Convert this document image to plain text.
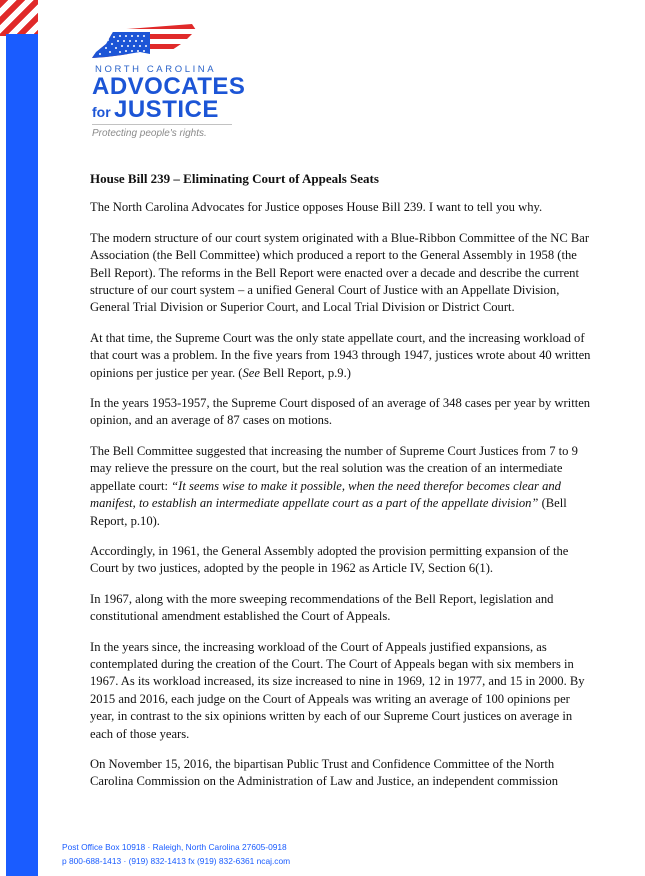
NORTH CAROLINA
ADVOCATES
for JUSTICE
Protecting people's rights.
House Bill 239 – Eliminating Court of Appeals Seats

The North Carolina Advocates for Justice opposes House Bill 239. I want to tell you why.

The modern structure of our court system originated with a Blue-Ribbon Committee of the NC Bar Association (the Bell Committee) which produced a report to the General Assembly in 1958 (the Bell Report). The reforms in the Bell Report were enacted over a decade and describe the current structure of our court system – a unified General Court of Justice with an Appellate Division, General Trial Division or Superior Court, and Local Trial Division or District Court.

At that time, the Supreme Court was the only state appellate court, and the increasing workload of that court was a problem. In the five years from 1943 through 1947, justices wrote about 40 written opinions per justice per year. (See Bell Report, p.9.)

In the years 1953-1957, the Supreme Court disposed of an average of 348 cases per year by written opinion, and an average of 87 cases on motions.

The Bell Committee suggested that increasing the number of Supreme Court Justices from 7 to 9 may relieve the pressure on the court, but the real solution was the creation of an intermediate appellate court: “It seems wise to make it possible, when the need therefor becomes clear and manifest, to establish an intermediate appellate court as a part of the appellate division” (Bell Report, p.10).

Accordingly, in 1961, the General Assembly adopted the provision permitting expansion of the Court by two justices, adopted by the people in 1962 as Article IV, Section 6(1).

In 1967, along with the more sweeping recommendations of the Bell Report, legislation and constitutional amendment established the Court of Appeals.

In the years since, the increasing workload of the Court of Appeals justified expansions, as contemplated during the creation of the Court. The Court of Appeals began with six members in 1967. As its workload increased, its size increased to nine in 1969, 12 in 1977, and 15 in 2000. By 2015 and 2016, each judge on the Court of Appeals was writing an average of 100 opinions per year, in contrast to the six opinions written by each of our Supreme Court justices on average in each of those years.

On November 15, 2016, the bipartisan Public Trust and Confidence Committee of the North Carolina Commission on the Administration of Law and Justice, an independent commission

Post Office Box 10918 · Raleigh, North Carolina 27605-0918
p 800-688-1413 · (919) 832-1413 fx (919) 832-6361 ncaj.com
